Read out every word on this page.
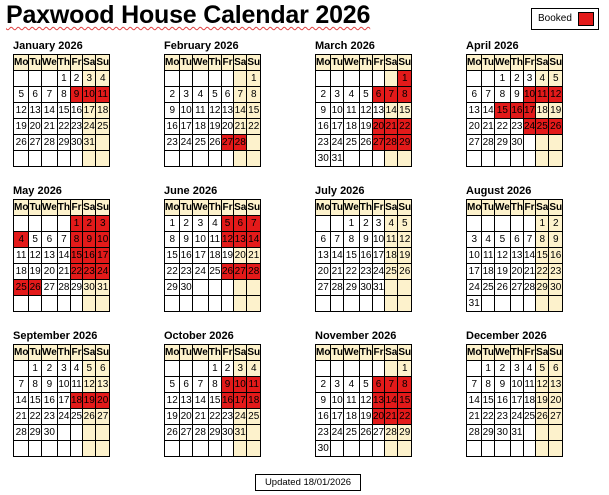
Paxwood House Calendar 2026	Booked
January 2026
Mo	Tu	We	Th	Fr	Sa	Su
			1	2	3	4
5	6	7	8	9	10	11
12	13	14	15	16	17	18
19	20	21	22	23	24	25
26	27	28	29	30	31	

February 2026
Mo	Tu	We	Th	Fr	Sa	Su
						1
2	3	4	5	6	7	8
9	10	11	12	13	14	15
16	17	18	19	20	21	22
23	24	25	26	27	28	

March 2026
Mo	Tu	We	Th	Fr	Sa	Su
						1
2	3	4	5	6	7	8
9	10	11	12	13	14	15
16	17	18	19	20	21	22
23	24	25	26	27	28	29
30	31					
April 2026
Mo	Tu	We	Th	Fr	Sa	Su
		1	2	3	4	5
6	7	8	9	10	11	12
13	14	15	16	17	18	19
20	21	22	23	24	25	26
27	28	29	30			

May 2026
Mo	Tu	We	Th	Fr	Sa	Su
				1	2	3
4	5	6	7	8	9	10
11	12	13	14	15	16	17
18	19	20	21	22	23	24
25	26	27	28	29	30	31

June 2026
Mo	Tu	We	Th	Fr	Sa	Su
1	2	3	4	5	6	7
8	9	10	11	12	13	14
15	16	17	18	19	20	21
22	23	24	25	26	27	28
29	30					

July 2026
Mo	Tu	We	Th	Fr	Sa	Su
		1	2	3	4	5
6	7	8	9	10	11	12
13	14	15	16	17	18	19
20	21	22	23	24	25	26
27	28	29	30	31		

August 2026
Mo	Tu	We	Th	Fr	Sa	Su
					1	2
3	4	5	6	7	8	9
10	11	12	13	14	15	16
17	18	19	20	21	22	23
24	25	26	27	28	29	30
31						
September 2026
Mo	Tu	We	Th	Fr	Sa	Su
	1	2	3	4	5	6
7	8	9	10	11	12	13
14	15	16	17	18	19	20
21	22	23	24	25	26	27
28	29	30				

October 2026
Mo	Tu	We	Th	Fr	Sa	Su
			1	2	3	4
5	6	7	8	9	10	11
12	13	14	15	16	17	18
19	20	21	22	23	24	25
26	27	28	29	30	31	

November 2026
Mo	Tu	We	Th	Fr	Sa	Su
						1
2	3	4	5	6	7	8
9	10	11	12	13	14	15
16	17	18	19	20	21	22
23	24	25	26	27	28	29
30						
December 2026
Mo	Tu	We	Th	Fr	Sa	Su
	1	2	3	4	5	6
7	8	9	10	11	12	13
14	15	16	17	18	19	20
21	22	23	24	25	26	27
28	29	30	31			

Updated 18/01/2026
